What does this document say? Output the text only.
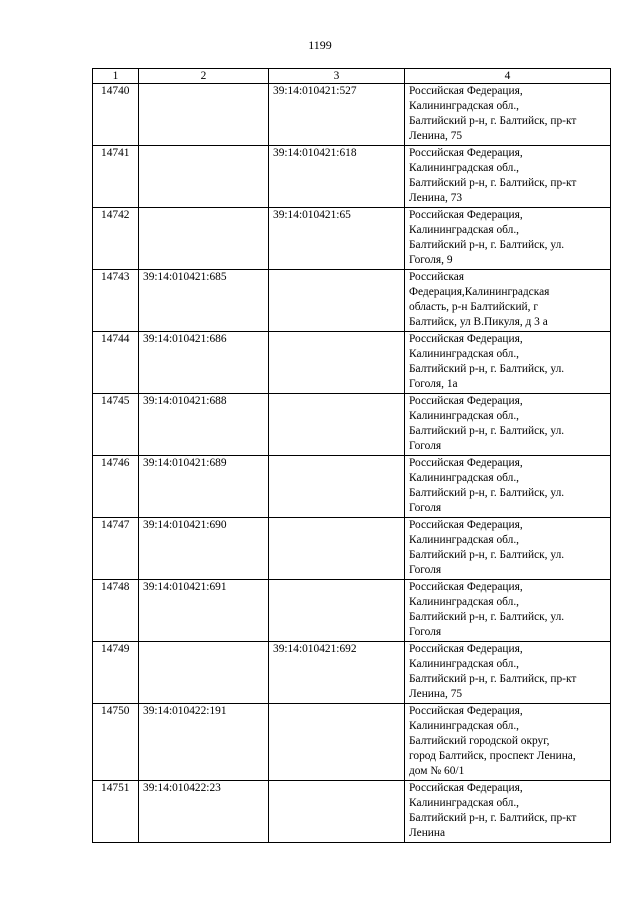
1199
1	2	3	4
14740		39:14:010421:527	Российская Федерация,
Калининградская обл.,
Балтийский р-н, г. Балтийск, пр-кт
Ленина, 75
14741		39:14:010421:618	Российская Федерация,
Калининградская обл.,
Балтийский р-н, г. Балтийск, пр-кт
Ленина, 73
14742		39:14:010421:65	Российская Федерация,
Калининградская обл.,
Балтийский р-н, г. Балтийск, ул.
Гоголя, 9
14743	39:14:010421:685		Российская
Федерация,Калининградская
область, р-н Балтийский, г
Балтийск, ул В.Пикуля, д 3 а
14744	39:14:010421:686		Российская Федерация,
Калининградская обл.,
Балтийский р-н, г. Балтийск, ул.
Гоголя, 1а
14745	39:14:010421:688		Российская Федерация,
Калининградская обл.,
Балтийский р-н, г. Балтийск, ул.
Гоголя
14746	39:14:010421:689		Российская Федерация,
Калининградская обл.,
Балтийский р-н, г. Балтийск, ул.
Гоголя
14747	39:14:010421:690		Российская Федерация,
Калининградская обл.,
Балтийский р-н, г. Балтийск, ул.
Гоголя
14748	39:14:010421:691		Российская Федерация,
Калининградская обл.,
Балтийский р-н, г. Балтийск, ул.
Гоголя
14749		39:14:010421:692	Российская Федерация,
Калининградская обл.,
Балтийский р-н, г. Балтийск, пр-кт
Ленина, 75
14750	39:14:010422:191		Российская Федерация,
Калининградская обл.,
Балтийский городской округ,
город Балтийск, проспект Ленина,
дом № 60/1
14751	39:14:010422:23		Российская Федерация,
Калининградская обл.,
Балтийский р-н, г. Балтийск, пр-кт
Ленина
